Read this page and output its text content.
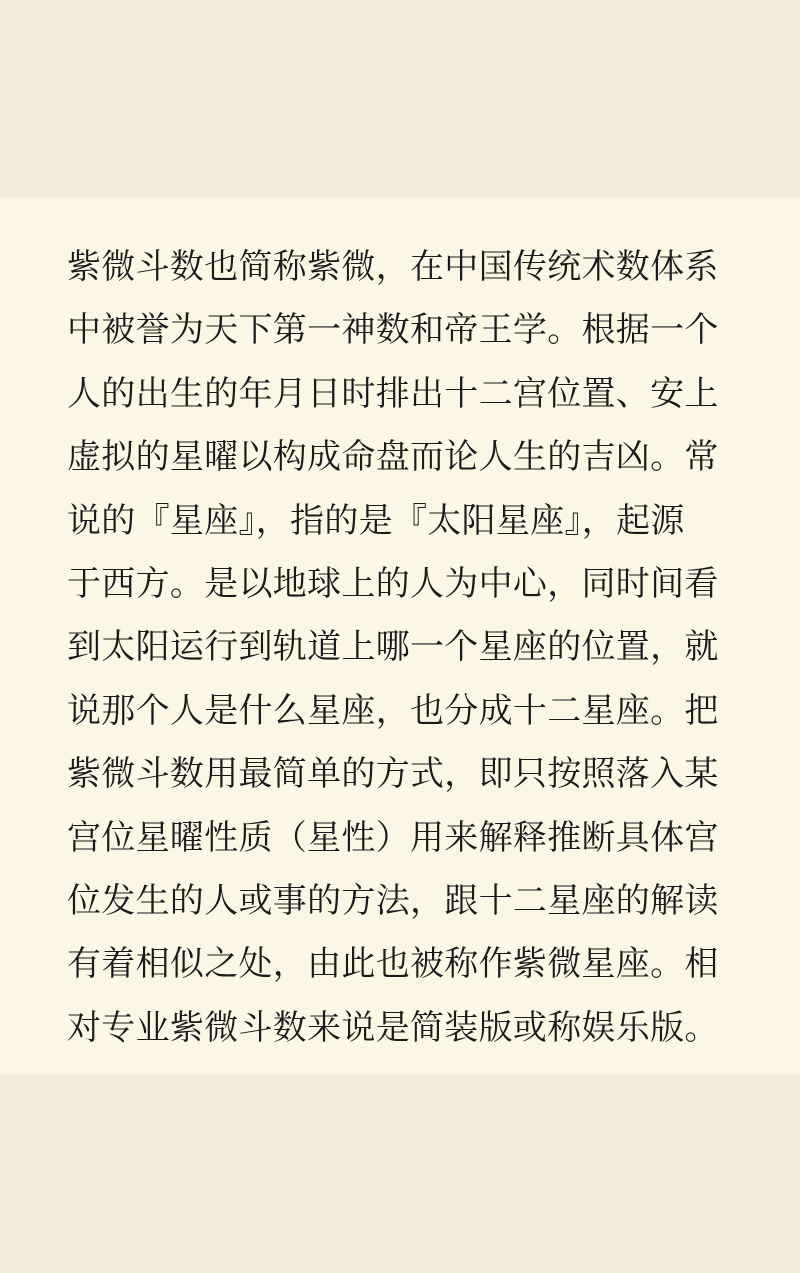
紫微斗数也简称紫微，在中国传统术数体系
中被誉为天下第一神数和帝王学。根据一个
人的出生的年月日时排出十二宫位置、安上
虚拟的星曜以构成命盘而论人生的吉凶。常
说的『星座』，指的是『太阳星座』，起源
于西方。是以地球上的人为中心，同时间看
到太阳运行到轨道上哪一个星座的位置，就
说那个人是什么星座，也分成十二星座。把
紫微斗数用最简单的方式，即只按照落入某
宫位星曜性质（星性）用来解释推断具体宫
位发生的人或事的方法，跟十二星座的解读
有着相似之处，由此也被称作紫微星座。相
对专业紫微斗数来说是简装版或称娱乐版。
